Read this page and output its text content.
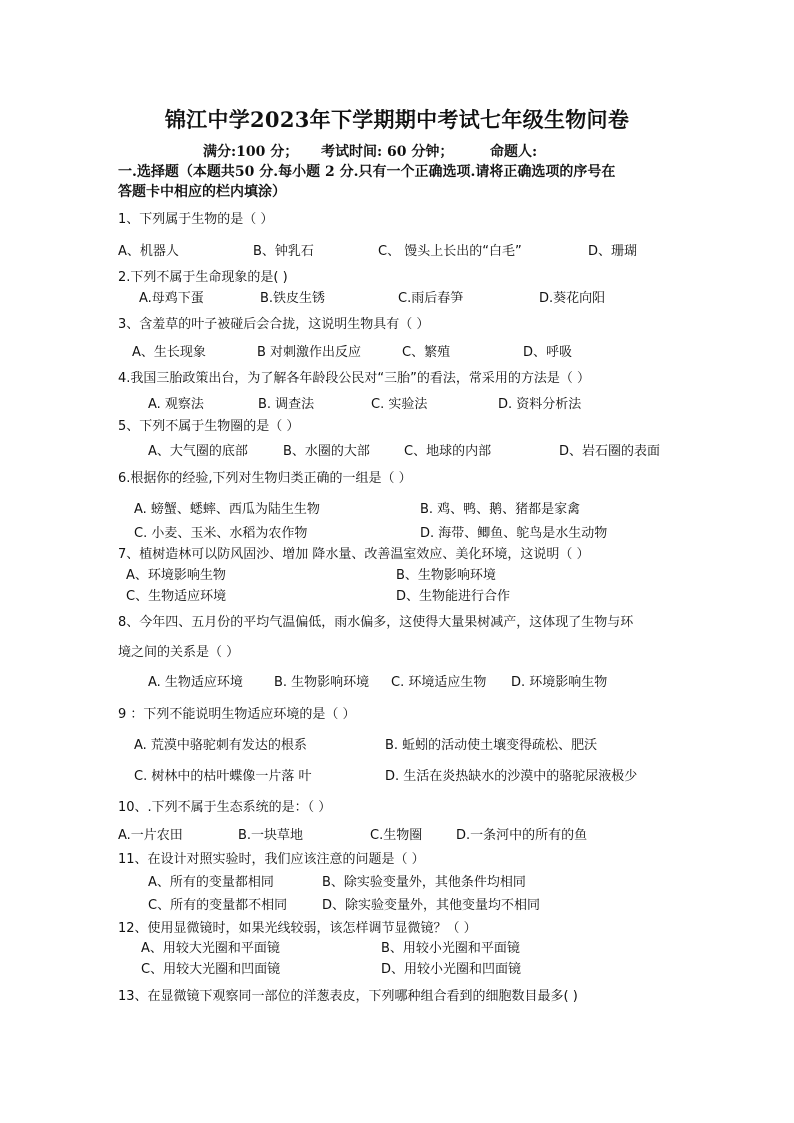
锦江中学2023年下学期期中考试七年级生物问卷
满分:100 分； 考试时间: 60 分钟；	命题人:
一.选择题（本题共50 分.每小题 2 分.只有一个正确选项.请将正确选项的序号在
答题卡中相应的栏内填涂）
1、下列属于生物的是（ ）
A、机器人	B、钟乳石	C、 馒头上长出的“白毛”	D、珊瑚
2.下列不属于生命现象的是( )
A.母鸡下蛋	B.铁皮生锈	C.雨后春笋	D.葵花向阳
3、含羞草的叶子被碰后会合拢，这说明生物具有（ ）
A、生长现象	B 对刺激作出反应	C、繁殖	D、呼吸
4.我国三胎政策出台，为了解各年龄段公民对“三胎”的看法，常采用的方法是（ ）
A. 观察法	B. 调查法	C. 实验法	D. 资料分析法
5、下列不属于生物圈的是（ ）
A、大气圈的底部	B、水圈的大部	C、地球的内部	D、岩石圈的表面
6.根据你的经验,下列对生物归类正确的一组是（ ）
A. 螃蟹、蟋蟀、西瓜为陆生生物	B. 鸡、鸭、鹅、猪都是家禽
C. 小麦、玉米、水稻为农作物	D. 海带、鲫鱼、鸵鸟是水生动物
7、植树造林可以防风固沙、增加 降水量、改善温室效应、美化环境，这说明（ ）
A、环境影响生物	B、生物影响环境
C、生物适应环境	D、生物能进行合作
8、今年四、五月份的平均气温偏低，雨水偏多，这使得大量果树减产，这体现了生物与环
境之间的关系是（ ）
A. 生物适应环境 B. 生物影响环境 C. 环境适应生物 D. 环境影响生物
9 ：下列不能说明生物适应环境的是（ ）
A. 荒漠中骆驼刺有发达的根系	B. 蚯蚓的活动使土壤变得疏松、肥沃
C. 树林中的枯叶蝶像一片落 叶	D. 生活在炎热缺水的沙漠中的骆驼尿液极少
10、.下列不属于生态系统的是：（ ）
A.一片农田	B.一块草地	C.生物圈	D.一条河中的所有的鱼
11、在设计对照实验时，我们应该注意的问题是（ ）
A、所有的变量都相同	B、除实验变量外，其他条件均相同
C、所有的变量都不相同	D、除实验变量外，其他变量均不相同
12、使用显微镜时，如果光线较弱，该怎样调节显微镜？（ ）
A、用较大光圈和平面镜	B、用较小光圈和平面镜
C、用较大光圈和凹面镜	D、用较小光圈和凹面镜
13、在显微镜下观察同一部位的洋葱表皮，下列哪种组合看到的细胞数目最多( )
